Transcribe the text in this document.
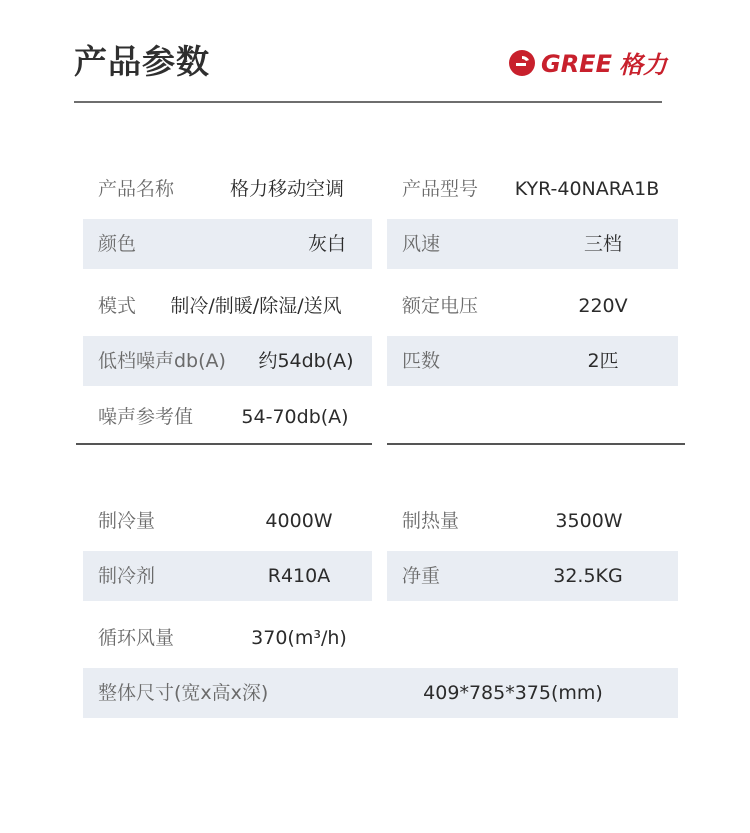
产品参数	GREE 格力
产品名称	格力移动空调	产品型号 KYR-40NARA1B
颜色	灰白	风速	三档
模式 制冷/制暖/除湿/送风	额定电压	220V
低档噪声db(A) 约54db(A)	匹数	2匹
噪声参考值	54-70db(A)
制冷量	4000W	制热量	3500W
制冷剂	R410A	净重	32.5KG
循环风量	370(m³/h)
整体尺寸(宽x高x深)	409*785*375(mm)
